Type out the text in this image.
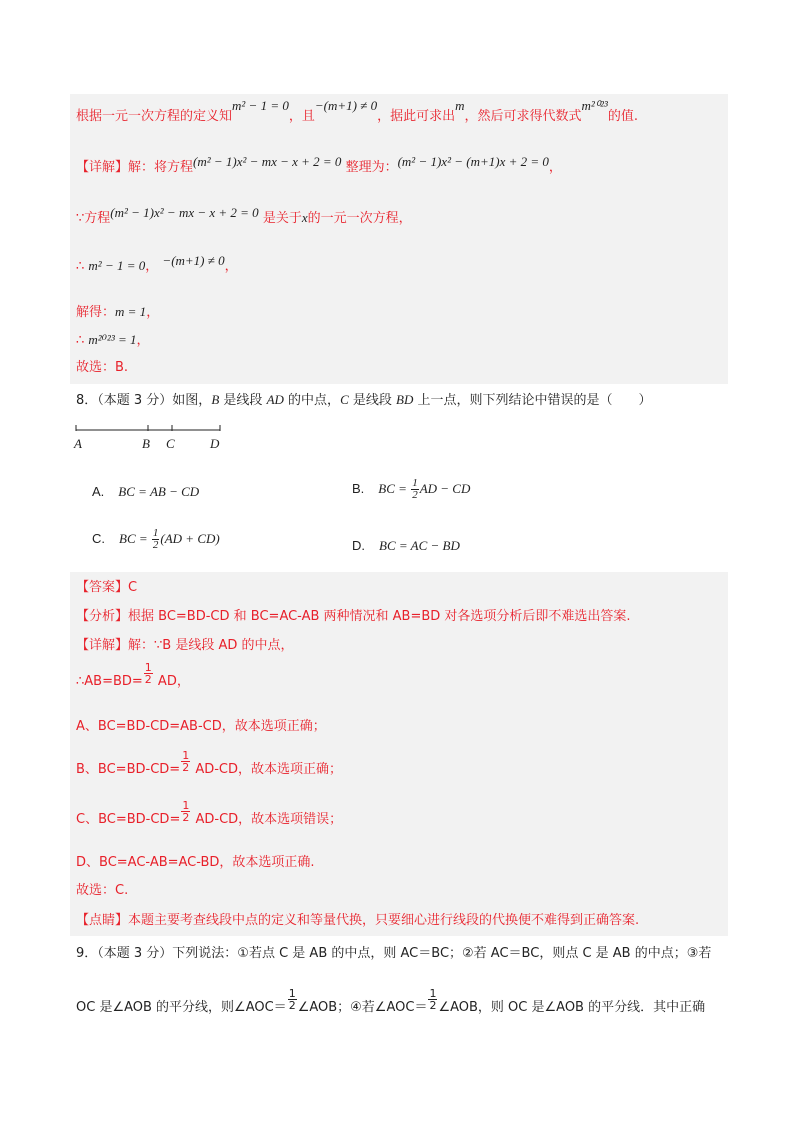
根据一元一次方程的定义知m² − 1 = 0，且−(m+1) ≠ 0，据此可求出m，然后可求得代数式m²⁰²³的值.
【详解】解：将方程(m² − 1)x² − mx − x + 2 = 0 整理为：(m² − 1)x² − (m+1)x + 2 = 0，
∵方程(m² − 1)x² − mx − x + 2 = 0 是关于x的一元一次方程，
∴ m² − 1 = 0， −(m+1) ≠ 0，
解得：m = 1，
∴ m²⁰²³ = 1，
故选：B.
8．（本题 3 分）如图，B 是线段 AD 的中点，C 是线段 BD 上一点，则下列结论中错误的是（　　）
A	B C	D
A. BC = AB − CD	B. BC = $\frac{1}{2}$ AD − CD
C. BC = $\frac{1}{2} (AD + CD)$	D. BC = AC − BD
【答案】C
【分析】根据 BC=BD-CD 和 BC=AC-AB 两种情况和 AB=BD 对各选项分析后即不难选出答案.
【详解】解：∵B 是线段 AD 的中点，
∴AB=BD= $\frac{1}{2}$ AD，
A、BC=BD-CD=AB-CD，故本选项正确；
B、$BC=BD-CD= \frac{1}{2} AD-CD$，故本选项正确；
C、$BC=BD-CD= \frac{1}{2} AD-CD$，故本选项错误；
D、BC=AC-AB=AC-BD，故本选项正确.
故选：C.
【点睛】本题主要考查线段中点的定义和等量代换，只要细心进行线段的代换便不难得到正确答案.
9．（本题 3 分）下列说法：①若点 C 是 AB 的中点，则 AC＝BC；②若 AC＝BC，则点 C 是 AB 的中点；③若
OC 是∠AOB 的平分线，则∠AOC＝ $\frac{1}{2}$ ∠AOB；④若∠AOC＝ $\frac{1}{2}$ ∠AOB，则 OC 是∠AOB 的平分线．其中正确
